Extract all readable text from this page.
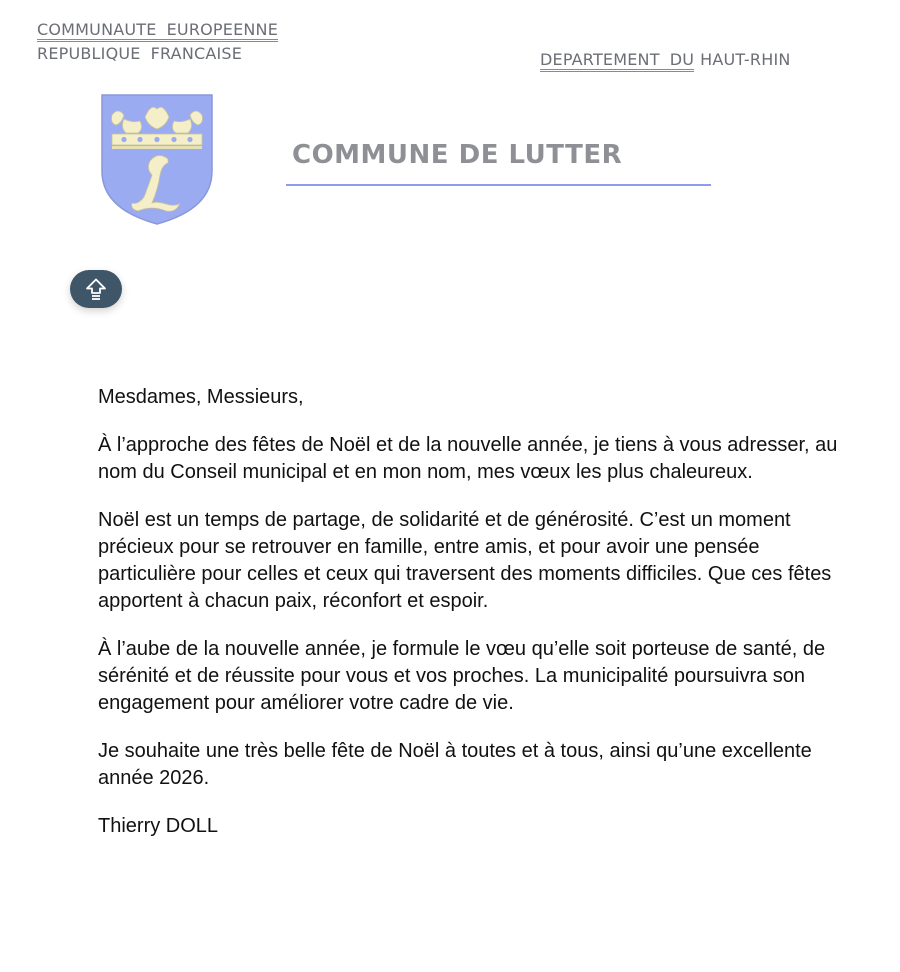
COMMUNAUTE EUROPEENNE
REPUBLIQUE FRANCAISE	DEPARTEMENT DU HAUT-RHIN
COMMUNE DE LUTTER

Mesdames, Messieurs,

À l’approche des fêtes de Noël et de la nouvelle année, je tiens à vous adresser, au nom du Conseil municipal et en mon nom, mes vœux les plus chaleureux.

Noël est un temps de partage, de solidarité et de générosité. C’est un moment précieux pour se retrouver en famille, entre amis, et pour avoir une pensée particulière pour celles et ceux qui traversent des moments difficiles. Que ces fêtes apportent à chacun paix, réconfort et espoir.

À l’aube de la nouvelle année, je formule le vœu qu’elle soit porteuse de santé, de sérénité et de réussite pour vous et vos proches. La municipalité poursuivra son engagement pour améliorer votre cadre de vie.

Je souhaite une très belle fête de Noël à toutes et à tous, ainsi qu’une excellente année 2026.

Thierry DOLL
